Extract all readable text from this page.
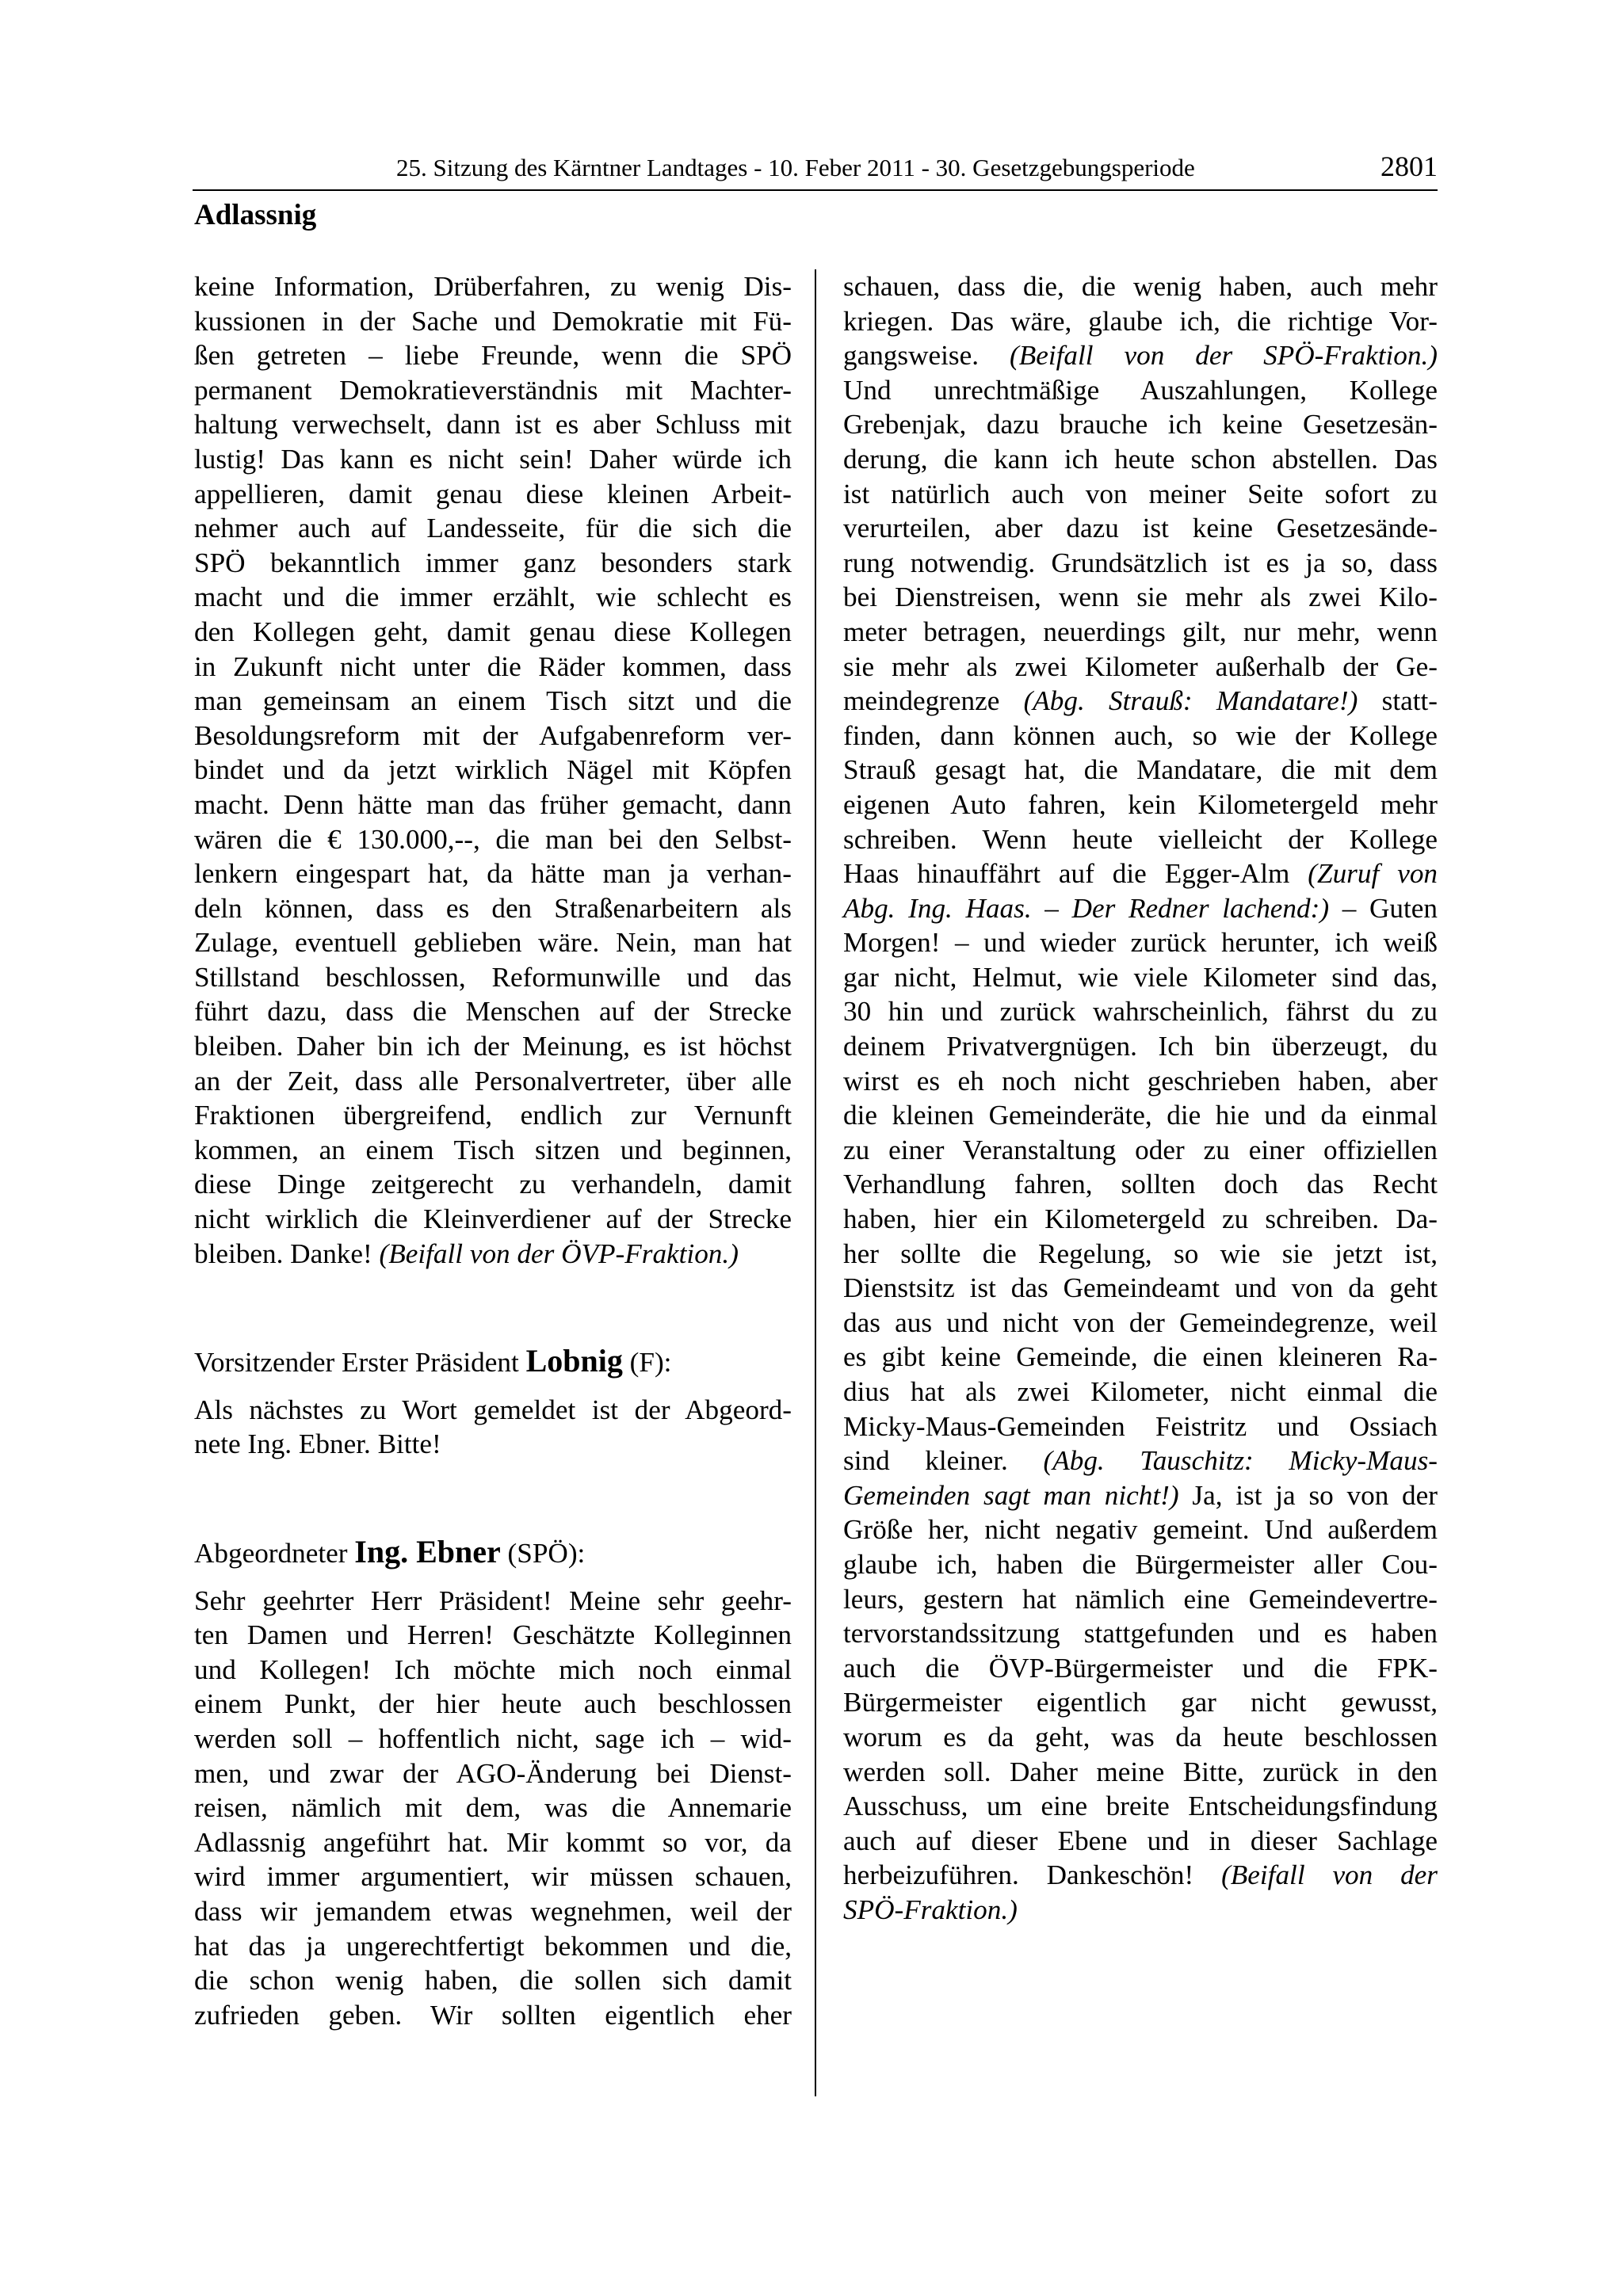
25. Sitzung des Kärntner Landtages - 10. Feber 2011 - 30. Gesetzgebungsperiode	2801
Adlassnig

keine Information, Drüberfahren, zu wenig Dis-
kussionen in der Sache und Demokratie mit Fü-
ßen getreten – liebe Freunde, wenn die SPÖ
permanent Demokratieverständnis mit Machter-
haltung verwechselt, dann ist es aber Schluss mit
lustig! Das kann es nicht sein! Daher würde ich
appellieren, damit genau diese kleinen Arbeit-
nehmer auch auf Landesseite, für die sich die
SPÖ bekanntlich immer ganz besonders stark
macht und die immer erzählt, wie schlecht es
den Kollegen geht, damit genau diese Kollegen
in Zukunft nicht unter die Räder kommen, dass
man gemeinsam an einem Tisch sitzt und die
Besoldungsreform mit der Aufgabenreform ver-
bindet und da jetzt wirklich Nägel mit Köpfen
macht. Denn hätte man das früher gemacht, dann
wären die € 130.000,--, die man bei den Selbst-
lenkern eingespart hat, da hätte man ja verhan-
deln können, dass es den Straßenarbeitern als
Zulage, eventuell geblieben wäre. Nein, man hat
Stillstand beschlossen, Reformunwille und das
führt dazu, dass die Menschen auf der Strecke
bleiben. Daher bin ich der Meinung, es ist höchst
an der Zeit, dass alle Personalvertreter, über alle
Fraktionen übergreifend, endlich zur Vernunft
kommen, an einem Tisch sitzen und beginnen,
diese Dinge zeitgerecht zu verhandeln, damit
nicht wirklich die Kleinverdiener auf der Strecke

bleiben. Danke! (Beifall von der ÖVP-Fraktion.)

Vorsitzender Erster Präsident Lobnig (F):

Als nächstes zu Wort gemeldet ist der Abgeord-
nete Ing. Ebner. Bitte!

Abgeordneter Ing. Ebner (SPÖ):

Sehr geehrter Herr Präsident! Meine sehr geehr-
ten Damen und Herren! Geschätzte Kolleginnen
und Kollegen! Ich möchte mich noch einmal
einem Punkt, der hier heute auch beschlossen
werden soll – hoffentlich nicht, sage ich – wid-
men, und zwar der AGO-Änderung bei Dienst-
reisen, nämlich mit dem, was die Annemarie
Adlassnig angeführt hat. Mir kommt so vor, da
wird immer argumentiert, wir müssen schauen,
dass wir jemandem etwas wegnehmen, weil der
hat das ja ungerechtfertigt bekommen und die,
die schon wenig haben, die sollen sich damit
zufrieden geben. Wir sollten eigentlich eher

schauen, dass die, die wenig haben, auch mehr
kriegen. Das wäre, glaube ich, die richtige Vor-
gangsweise. (Beifall von der SPÖ-Fraktion.)
Und unrechtmäßige Auszahlungen, Kollege
Grebenjak, dazu brauche ich keine Gesetzesän-
derung, die kann ich heute schon abstellen. Das
ist natürlich auch von meiner Seite sofort zu
verurteilen, aber dazu ist keine Gesetzesände-
rung notwendig. Grundsätzlich ist es ja so, dass
bei Dienstreisen, wenn sie mehr als zwei Kilo-
meter betragen, neuerdings gilt, nur mehr, wenn
sie mehr als zwei Kilometer außerhalb der Ge-
meindegrenze (Abg. Strauß: Mandatare!) statt-
finden, dann können auch, so wie der Kollege
Strauß gesagt hat, die Mandatare, die mit dem
eigenen Auto fahren, kein Kilometergeld mehr
schreiben. Wenn heute vielleicht der Kollege
Haas hinauffährt auf die Egger-Alm (Zuruf von
Abg. Ing. Haas. – Der Redner lachend:) – Guten
Morgen! – und wieder zurück herunter, ich weiß
gar nicht, Helmut, wie viele Kilometer sind das,
30 hin und zurück wahrscheinlich, fährst du zu
deinem Privatvergnügen. Ich bin überzeugt, du
wirst es eh noch nicht geschrieben haben, aber
die kleinen Gemeinderäte, die hie und da einmal
zu einer Veranstaltung oder zu einer offiziellen
Verhandlung fahren, sollten doch das Recht
haben, hier ein Kilometergeld zu schreiben. Da-
her sollte die Regelung, so wie sie jetzt ist,
Dienstsitz ist das Gemeindeamt und von da geht
das aus und nicht von der Gemeindegrenze, weil
es gibt keine Gemeinde, die einen kleineren Ra-
dius hat als zwei Kilometer, nicht einmal die
Micky-Maus-Gemeinden Feistritz und Ossiach
sind kleiner. (Abg. Tauschitz: Micky-Maus-
Gemeinden sagt man nicht!) Ja, ist ja so von der
Größe her, nicht negativ gemeint. Und außerdem
glaube ich, haben die Bürgermeister aller Cou-
leurs, gestern hat nämlich eine Gemeindevertre-
tervorstandssitzung stattgefunden und es haben
auch die ÖVP-Bürgermeister und die FPK-
Bürgermeister eigentlich gar nicht gewusst,
worum es da geht, was da heute beschlossen
werden soll. Daher meine Bitte, zurück in den
Ausschuss, um eine breite Entscheidungsfindung
auch auf dieser Ebene und in dieser Sachlage
herbeizuführen. Dankeschön! (Beifall von der
SPÖ-Fraktion.)
